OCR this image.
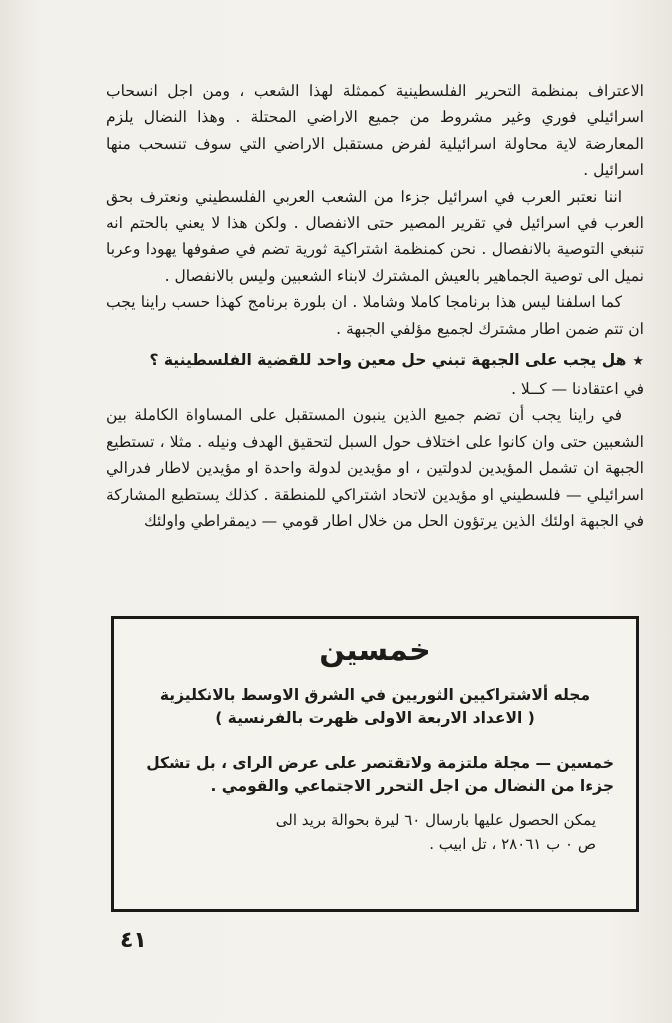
الاعتراف بمنظمة التحرير الفلسطينية كممثلة لهذا الشعب ، ومن اجل انسحاب اسرائيلي فوري وغير مشروط من جميع الاراضي المحتلة . وهذا النضال يلزم المعارضة لاية محاولة اسرائيلية لفرض مستقبل الاراضي التي سوف تنسحب منها اسرائيل .

اننا نعتبر العرب في اسرائيل جزءا من الشعب العربي الفلسطيني ونعترف بحق العرب في اسرائيل في تقرير المصير حتى الانفصال . ولكن هذا لا يعني بالحتم انه تنبغي التوصية بالانفصال . نحن كمنظمة اشتراكية ثورية تضم في صفوفها يهودا وعربا نميل الى توصية الجماهير بالعيش المشترك لابناء الشعبين وليس بالانفصال .

كما اسلفنا ليس هذا برنامجا كاملا وشاملا . ان بلورة برنامج كهذا حسب راينا يجب ان تتم ضمن اطار مشترك لجميع مؤلفي الجبهة .

★هل يجب على الجبهة تبني حل معين واحد للقضية الفلسطينية ؟

في اعتقادنا — كــلا .

في راينا يجب أن تضم جميع الذين ينبون المستقبل على المساواة الكاملة بين الشعبين حتى وان كانوا على اختلاف حول السبل لتحقيق الهدف ونيله . مثلا ، تستطيع الجبهة ان تشمل المؤيدين لدولتين ، او مؤيدين لدولة واحدة او مؤيدين لاطار فدرالي اسرائيلي — فلسطيني او مؤيدين لاتحاد اشتراكي للمنطقة . كذلك يستطيع المشاركة في الجبهة اولئك الذين يرتؤون الحل من خلال اطار قومي — ديمقراطي واولئك

خمسين

مجله ألاشتراكيين الثوريين في الشرق الاوسط بالانكليزية

( الاعداد الاربعة الاولى ظهرت بالفرنسية )

خمسين — مجلة ملتزمة ولاتقتصر على عرض الراى ، بل تشكل جزءا من النضال من اجل التحرر الاجتماعي والقومي .

يمكن الحصول عليها بارسال ٦٠ ليرة بحوالة بريد الى
ص ٠ ب ٢٨٠٦١ ، تل ابيب .
٤١
